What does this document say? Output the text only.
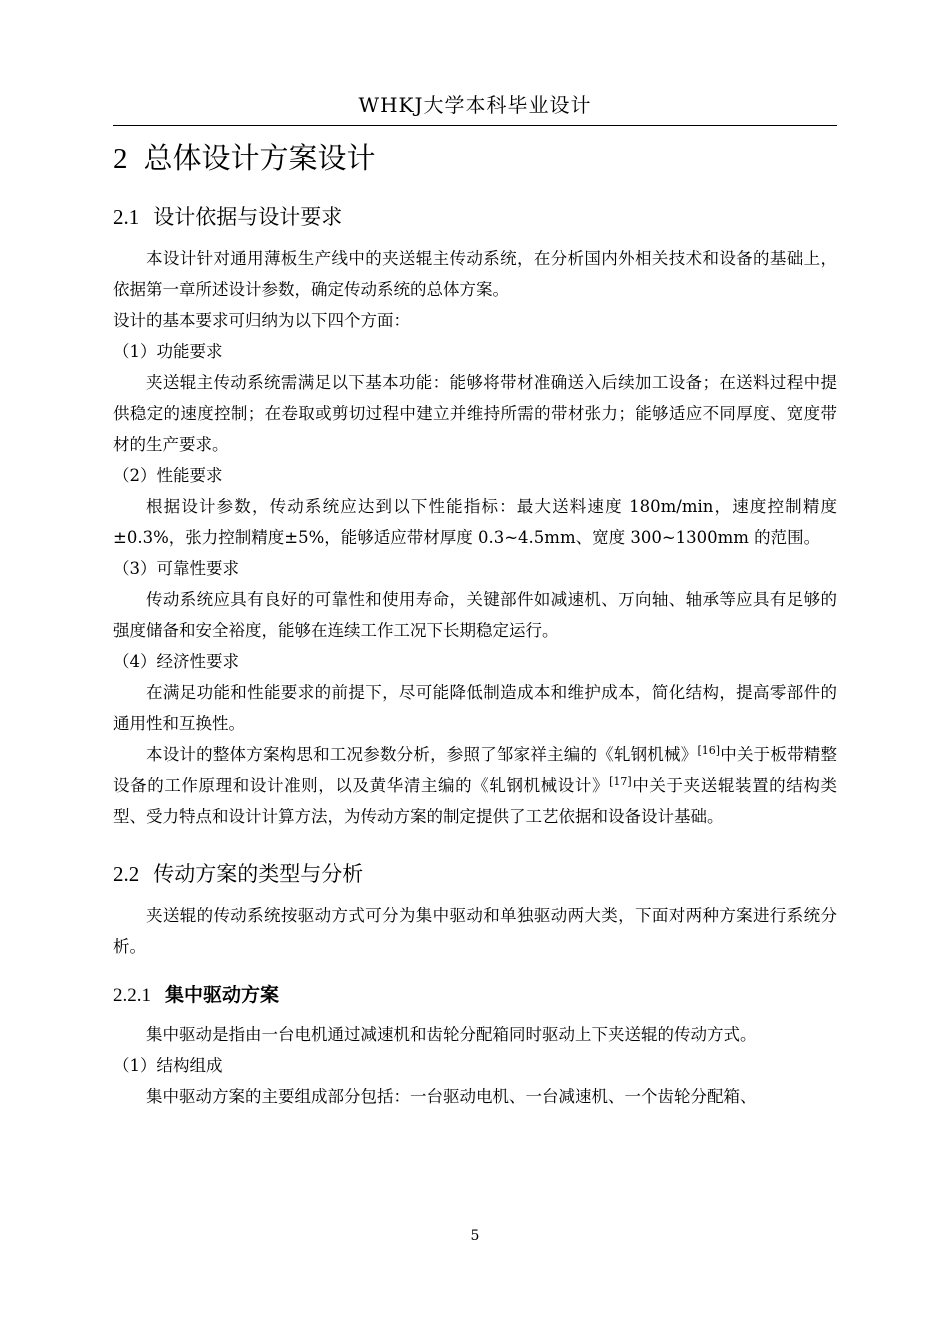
WHKJ大学本科毕业设计
2 总体设计方案设计
2.1 设计依据与设计要求

本设计针对通用薄板生产线中的夹送辊主传动系统，在分析国内外相关技术和设备的基础上，依据第一章所述设计参数，确定传动系统的总体方案。

设计的基本要求可归纳为以下四个方面：

（1）功能要求

夹送辊主传动系统需满足以下基本功能：能够将带材准确送入后续加工设备；在送料过程中提供稳定的速度控制；在卷取或剪切过程中建立并维持所需的带材张力；能够适应不同厚度、宽度带材的生产要求。

（2）性能要求

根据设计参数，传动系统应达到以下性能指标：最大送料速度 180m/min，速度控制精度±0.3%，张力控制精度±5%，能够适应带材厚度 0.3~4.5mm、宽度 300~1300mm 的范围。

（3）可靠性要求

传动系统应具有良好的可靠性和使用寿命，关键部件如减速机、万向轴、轴承等应具有足够的强度储备和安全裕度，能够在连续工作工况下长期稳定运行。

（4）经济性要求

在满足功能和性能要求的前提下，尽可能降低制造成本和维护成本，简化结构，提高零部件的通用性和互换性。

本设计的整体方案构思和工况参数分析，参照了邹家祥主编的《轧钢机械》[16]中关于板带精整设备的工作原理和设计准则，以及黄华清主编的《轧钢机械设计》[17]中关于夹送辊装置的结构类型、受力特点和设计计算方法，为传动方案的制定提供了工艺依据和设备设计基础。

2.2 传动方案的类型与分析

夹送辊的传动系统按驱动方式可分为集中驱动和单独驱动两大类，下面对两种方案进行系统分析。

2.2.1 集中驱动方案

集中驱动是指由一台电机通过减速机和齿轮分配箱同时驱动上下夹送辊的传动方式。

（1）结构组成

集中驱动方案的主要组成部分包括：一台驱动电机、一台减速机、一个齿轮分配箱、

5
